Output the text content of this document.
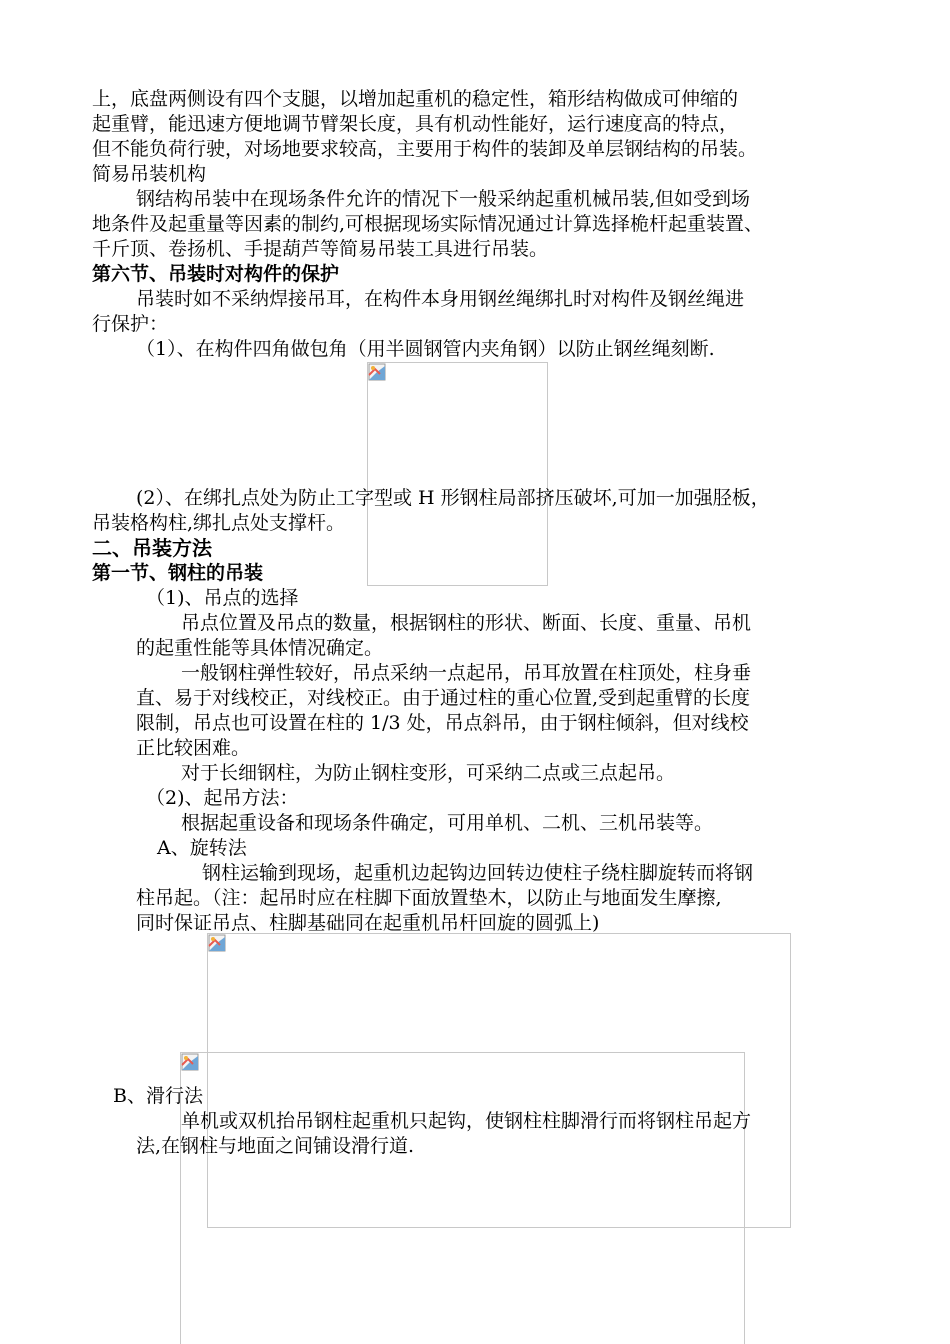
上，底盘两侧设有四个支腿，以增加起重机的稳定性，箱形结构做成可伸缩的
起重臂，能迅速方便地调节臂架长度，具有机动性能好，运行速度高的特点，
但不能负荷行驶，对场地要求较高，主要用于构件的装卸及单层钢结构的吊装。
简易吊装机构
钢结构吊装中在现场条件允许的情况下一般采纳起重机械吊装,但如受到场
地条件及起重量等因素的制约,可根据现场实际情况通过计算选择桅杆起重装置、
千斤顶、卷扬机、手提葫芦等简易吊装工具进行吊装。
第六节、吊装时对构件的保护
吊装时如不采纳焊接吊耳，在构件本身用钢丝绳绑扎时对构件及钢丝绳进
行保护：
（1）、在构件四角做包角（用半圆钢管内夹角钢）以防止钢丝绳刻断.
(2）、在绑扎点处为防止工字型或 H 形钢柱局部挤压破坏,可加一加强胫板，
吊装格构柱,绑扎点处支撑杆。
二、吊装方法
第一节、钢柱的吊装
（1)、吊点的选择
吊点位置及吊点的数量，根据钢柱的形状、断面、长度、重量、吊机
的起重性能等具体情况确定。
一般钢柱弹性较好，吊点采纳一点起吊，吊耳放置在柱顶处，柱身垂
直、易于对线校正，对线校正。由于通过柱的重心位置,受到起重臂的长度
限制，吊点也可设置在柱的 1/3 处，吊点斜吊，由于钢柱倾斜，但对线校
正比较困难。
对于长细钢柱，为防止钢柱变形，可采纳二点或三点起吊。
（2)、起吊方法：
根据起重设备和现场条件确定，可用单机、二机、三机吊装等。
A、旋转法
钢柱运输到现场，起重机边起钩边回转边使柱子绕柱脚旋转而将钢
柱吊起。（注：起吊时应在柱脚下面放置垫木，以防止与地面发生摩擦,
同时保证吊点、柱脚基础同在起重机吊杆回旋的圆弧上)
B、滑行法
单机或双机抬吊钢柱起重机只起钩，使钢柱柱脚滑行而将钢柱吊起方
法,在钢柱与地面之间铺设滑行道.
